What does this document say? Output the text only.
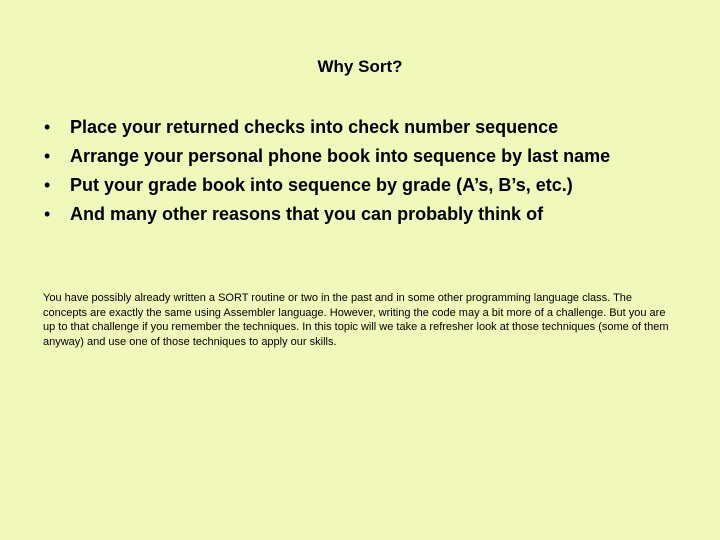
Why Sort?
•	Place your returned checks into check number sequence
•	Arrange your personal phone book into sequence by last name
•	Put your grade book into sequence by grade (A’s, B’s, etc.)
•	And many other reasons that you can probably think of

You have possibly already written a SORT routine or two in the past and in some other programming language class. The concepts are exactly the same using Assembler language. However, writing the code may a bit more of a challenge. But you are up to that challenge if you remember the techniques. In this topic will we take a refresher look at those techniques (some of them anyway) and use one of those techniques to apply our skills.
